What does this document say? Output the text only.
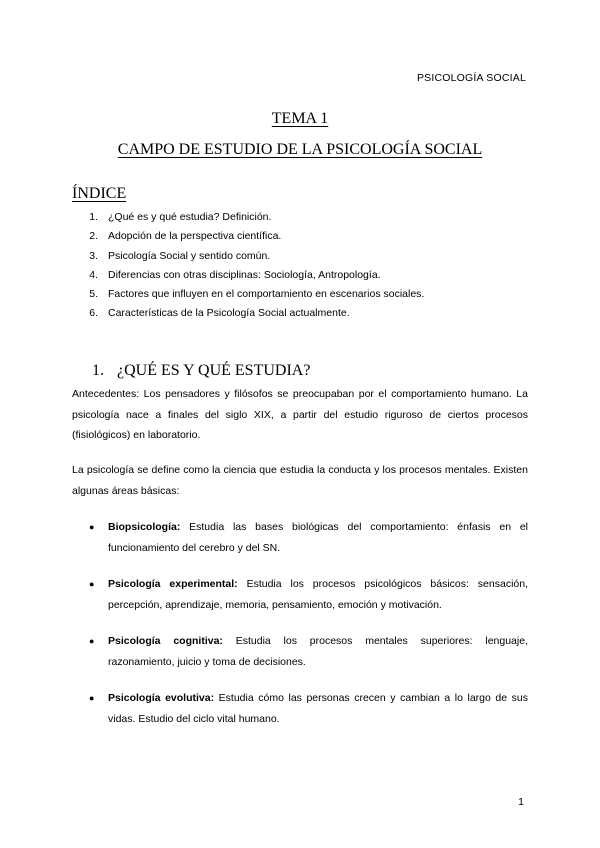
PSICOLOGÍA SOCIAL
TEMA 1
CAMPO DE ESTUDIO DE LA PSICOLOGÍA SOCIAL
ÍNDICE
1. ¿Qué es y qué estudia? Definición.
2. Adopción de la perspectiva científica.
3. Psicología Social y sentido común.
4. Diferencias con otras disciplinas: Sociología, Antropología.
5. Factores que influyen en el comportamiento en escenarios sociales.
6. Características de la Psicología Social actualmente.
1. ¿QUÉ ES Y QUÉ ESTUDIA?

Antecedentes: Los pensadores y filósofos se preocupaban por el comportamiento humano. La psicología nace a finales del siglo XIX, a partir del estudio riguroso de ciertos procesos (fisiológicos) en laboratorio.

La psicología se define como la ciencia que estudia la conducta y los procesos mentales. Existen algunas áreas básicas:

● Biopsicología: Estudia las bases biológicas del comportamiento: énfasis en el funcionamiento del cerebro y del SN.
● Psicología experimental: Estudia los procesos psicológicos básicos: sensación, percepción, aprendizaje, memoria, pensamiento, emoción y motivación.
● Psicología cognitiva: Estudia los procesos mentales superiores: lenguaje, razonamiento, juicio y toma de decisiones.
● Psicología evolutiva: Estudia cómo las personas crecen y cambian a lo largo de sus vidas. Estudio del ciclo vital humano.
1
